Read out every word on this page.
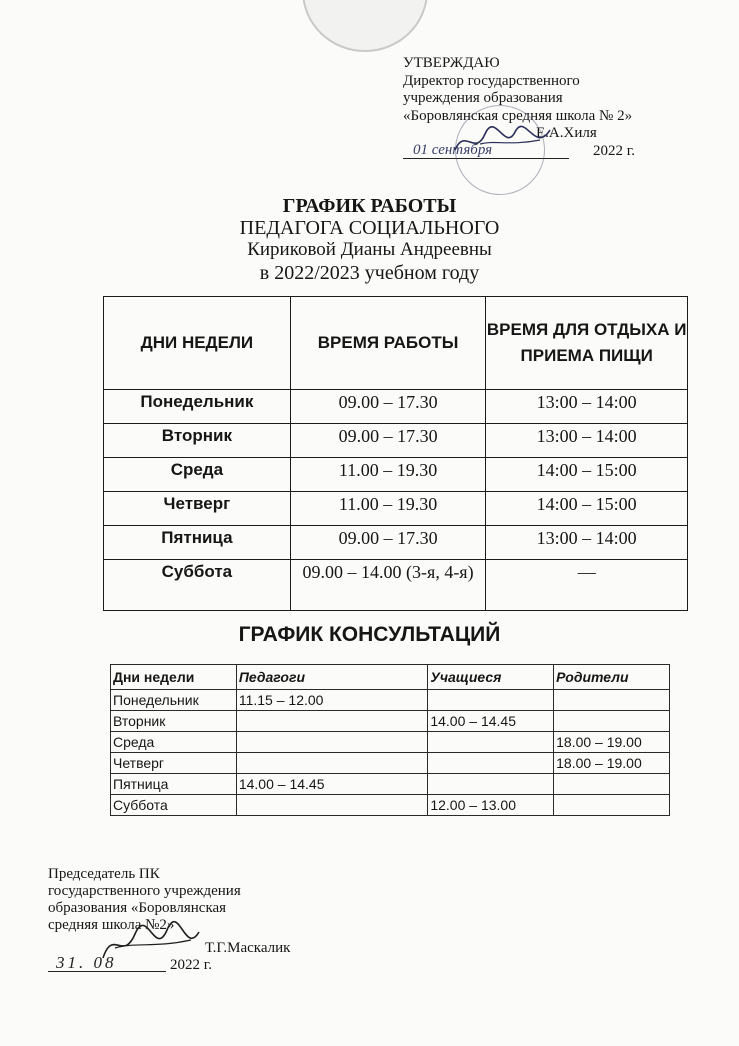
УТВЕРЖДАЮ
Директор государственного
учреждения образования
«Боровлянская средняя школа № 2»
Е.А.Хиля
01 сентября	2022 г.
ГРАФИК РАБОТЫ
ПЕДАГОГА СОЦИАЛЬНОГО
Кириковой Дианы Андреевны
в 2022/2023 учебном году
ДНИ НЕДЕЛИ	ВРЕМЯ РАБОТЫ	ВРЕМЯ ДЛЯ ОТДЫХА И ПРИЕМА ПИЩИ
Понедельник	09.00 – 17.30	13:00 – 14:00
Вторник	09.00 – 17.30	13:00 – 14:00
Среда	11.00 – 19.30	14:00 – 15:00
Четверг	11.00 – 19.30	14:00 – 15:00
Пятница	09.00 – 17.30	13:00 – 14:00
Суббота	09.00 – 14.00 (3-я, 4-я)	—
ГРАФИК КОНСУЛЬТАЦИЙ
Дни недели	Педагоги	Учащиеся	Родители
Понедельник	11.15 – 12.00		
Вторник		14.00 – 14.45	
Среда			18.00 – 19.00
Четверг			18.00 – 19.00
Пятница	14.00 – 14.45		
Суббота		12.00 – 13.00	
Председатель ПК
государственного учреждения
образования «Боровлянская
средняя школа №2»
Т.Г.Маскалик
31. 08	2022 г.
